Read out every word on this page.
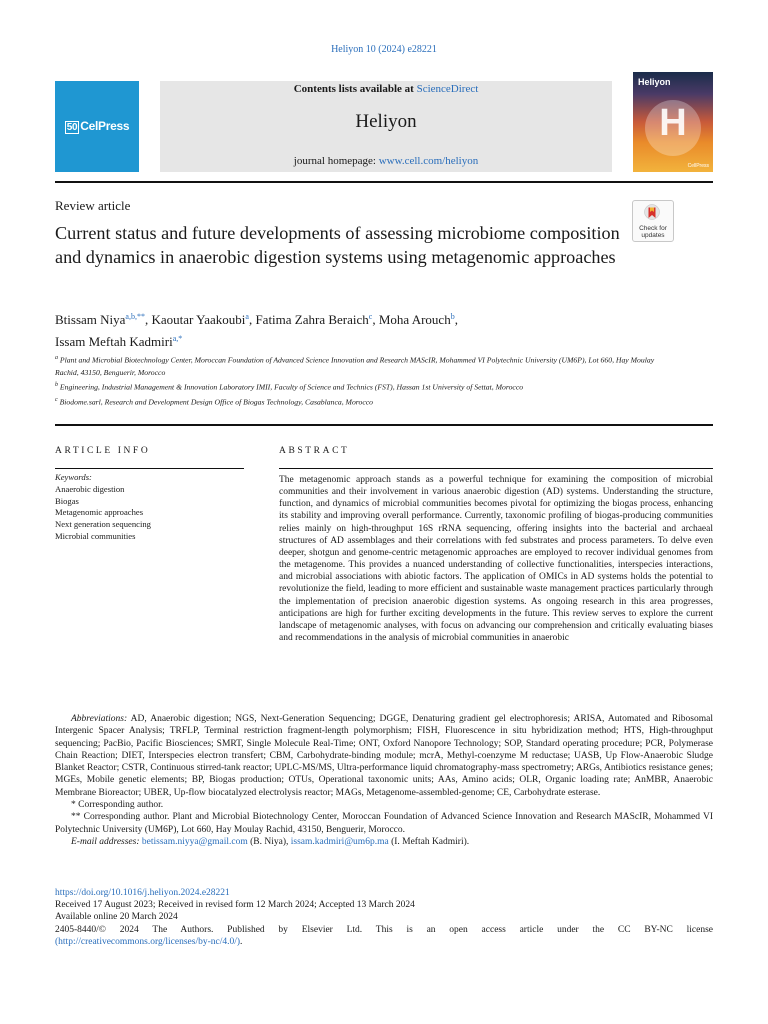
Heliyon 10 (2024) e28221
50 CelPress
Contents lists available at ScienceDirect
Heliyon
journal homepage: www.cell.com/heliyon
Heliyon
H
CellPress
Review article
Check for
updates
Current status and future developments of assessing microbiome composition and dynamics in anaerobic digestion systems using metagenomic approaches
Btissam Niya$^{a,b,**}$, Kaoutar Yaakoubi$^a$, Fatima Zahra Beraich$^c$, Moha Arouch$^b$,
Issam Meftah Kadmiri$^{a,*}$
$^a$ Plant and Microbial Biotechnology Center, Moroccan Foundation of Advanced Science Innovation and Research MAScIR, Mohammed VI Polytechnic University (UM6P), Lot 660, Hay Moulay Rachid, 43150, Benguerir, Morocco
$^b$ Engineering, Industrial Management & Innovation Laboratory IMII, Faculty of Science and Technics (FST), Hassan 1st University of Settat, Morocco
$^c$ Biodome.sarl, Research and Development Design Office of Biogas Technology, Casablanca, Morocco
ARTICLE INFO
Keywords:
Anaerobic digestion
Biogas
Metagenomic approaches
Next generation sequencing
Microbial communities
ABSTRACT

The metagenomic approach stands as a powerful technique for examining the composition of microbial communities and their involvement in various anaerobic digestion (AD) systems. Understanding the structure, function, and dynamics of microbial communities becomes pivotal for optimizing the biogas process, enhancing its stability and improving overall performance. Currently, taxonomic profiling of biogas-producing communities relies mainly on high-throughput 16S rRNA sequencing, offering insights into the bacterial and archaeal structures of AD assemblages and their correlations with fed substrates and process parameters. To delve even deeper, shotgun and genome-centric metagenomic approaches are employed to recover individual genomes from the metagenome. This provides a nuanced understanding of collective functionalities, interspecies interactions, and microbial associations with abiotic factors. The application of OMICs in AD systems holds the potential to revolutionize the field, leading to more efficient and sustainable waste management practices particularly through the implementation of precision anaerobic digestion systems. As ongoing research in this area progresses, anticipations are high for further exciting developments in the future. This review serves to explore the current landscape of metagenomic analyses, with focus on advancing our comprehension and critically evaluating biases and recommendations in the analysis of microbial communities in anaerobic

Abbreviations: AD, Anaerobic digestion; NGS, Next-Generation Sequencing; DGGE, Denaturing gradient gel electrophoresis; ARISA, Automated and Ribosomal Intergenic Spacer Analysis; TRFLP, Terminal restriction fragment-length polymorphism; FISH, Fluorescence in situ hybridization method; HTS, High-throughput sequencing; PacBio, Pacific Biosciences; SMRT, Single Molecule Real-Time; ONT, Oxford Nanopore Technology; SOP, Standard operating procedure; PCR, Polymerase Chain Reaction; DIET, Interspecies electron transfert; CBM, Carbohydrate-binding module; mcrA, Methyl-coenzyme M reductase; UASB, Up Flow-Anaerobic Sludge Blanket Reactor; CSTR, Continuous stirred-tank reactor; UPLC-MS/MS, Ultra-performance liquid chromatography-mass spectrometry; ARGs, Antibiotics resistance genes; MGEs, Mobile genetic elements; BP, Biogas production; OTUs, Operational taxonomic units; AAs, Amino acids; OLR, Organic loading rate; AnMBR, Anaerobic Membrane Bioreactor; UBER, Up-flow biocatalyzed electrolysis reactor; MAGs, Metagenome-assembled-genome; CE, Carbohydrate esterase.

* Corresponding author.

** Corresponding author. Plant and Microbial Biotechnology Center, Moroccan Foundation of Advanced Science Innovation and Research MAScIR, Mohammed VI Polytechnic University (UM6P), Lot 660, Hay Moulay Rachid, 43150, Benguerir, Morocco.

E-mail addresses: betissam.niyya@gmail.com (B. Niya), issam.kadmiri@um6p.ma (I. Meftah Kadmiri).

https://doi.org/10.1016/j.heliyon.2024.e28221

Received 17 August 2023; Received in revised form 12 March 2024; Accepted 13 March 2024

Available online 20 March 2024

2405-8440/© 2024 The Authors. Published by Elsevier Ltd. This is an open access article under the CC BY-NC license

(http://creativecommons.org/licenses/by-nc/4.0/).
